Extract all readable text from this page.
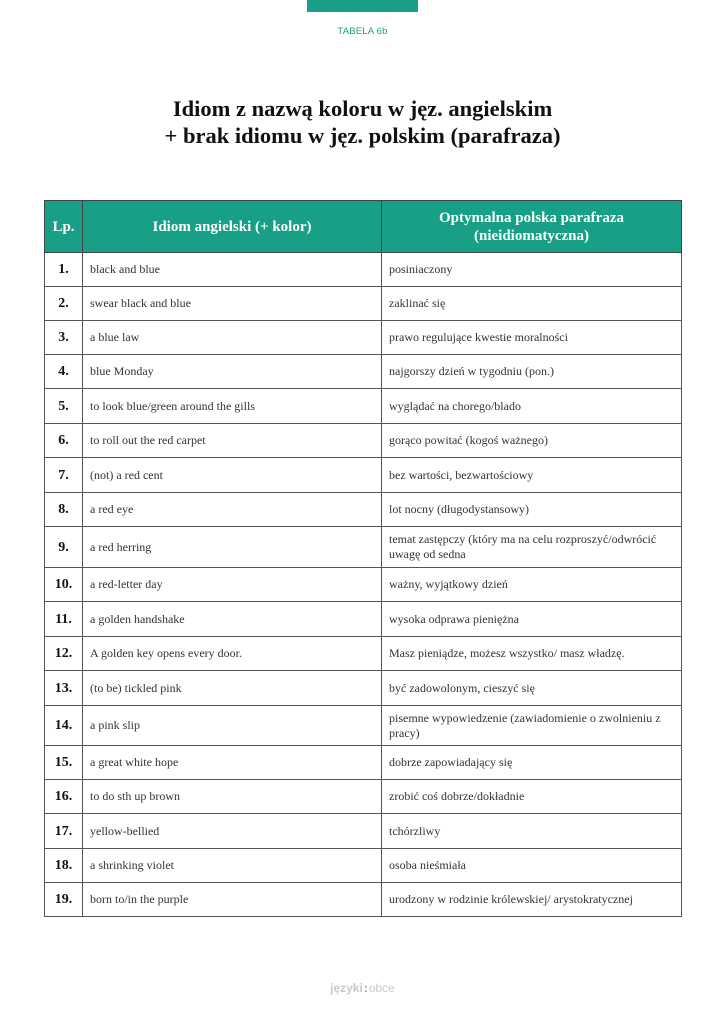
TABELA 6b
Idiom z nazwą koloru w jęz. angielskim
+ brak idiomu w jęz. polskim (parafraza)
Lp.	Idiom angielski (+ kolor)	Optymalna polska parafraza (nieidiomatyczna)
1.	black and blue	posiniaczony
2.	swear black and blue	zaklinać się
3.	a blue law	prawo regulujące kwestie moralności
4.	blue Monday	najgorszy dzień w tygodniu (pon.)
5.	to look blue/green around the gills	wyglądać na chorego/blado
6.	to roll out the red carpet	gorąco powitać (kogoś ważnego)
7.	(not) a red cent	bez wartości, bezwartościowy
8.	a red eye	lot nocny (długodystansowy)
9.	a red herring	temat zastępczy (który ma na celu rozproszyć/odwrócić uwagę od sedna
10.	a red-letter day	ważny, wyjątkowy dzień
11.	a golden handshake	wysoka odprawa pieniężna
12.	A golden key opens every door.	Masz pieniądze, możesz wszystko/ masz władzę.
13.	(to be) tickled pink	być zadowolonym, cieszyć się
14.	a pink slip	pisemne wypowiedzenie (zawiadomienie o zwolnieniu z pracy)
15.	a great white hope	dobrze zapowiadający się
16.	to do sth up brown	zrobić coś dobrze/dokładnie
17.	yellow-bellied	tchórzliwy
18.	a shrinking violet	osoba nieśmiała
19.	born to/in the purple	urodzony w rodzinie królewskiej/ arystokratycznej
języki:obce
